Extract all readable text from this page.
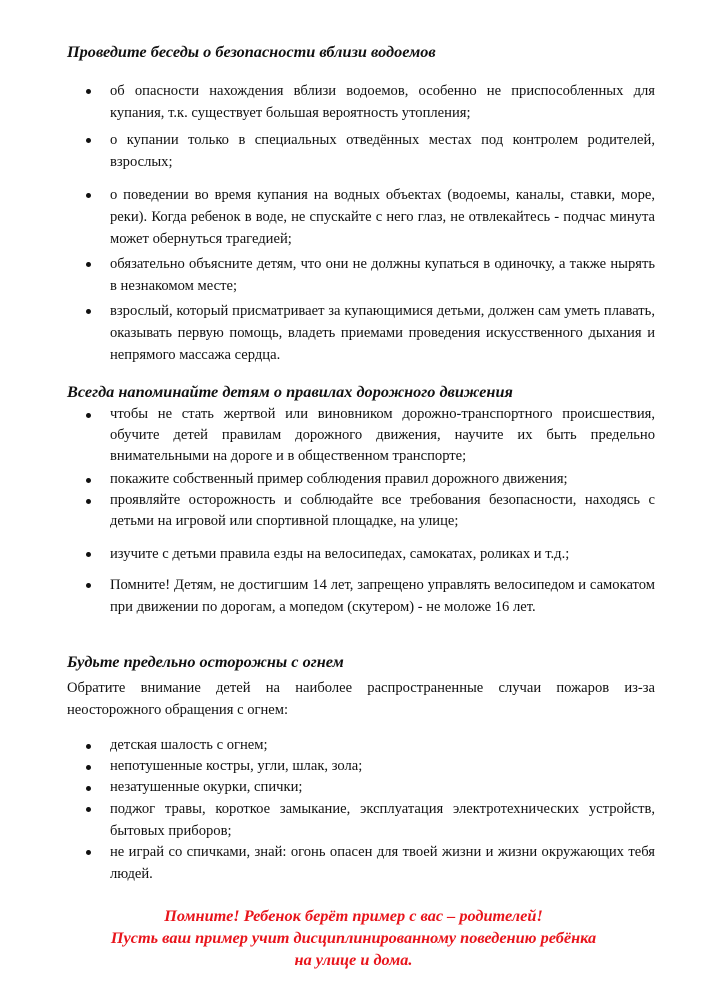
Проведите беседы о безопасности вблизи водоемов

об опасности нахождения вблизи водоемов, особенно не приспособленных для купания, т.к. существует большая вероятность утопления;

о купании только в специальных отведённых местах под контролем родителей, взрослых;

о поведении во время купания на водных объектах (водоемы, каналы, ставки, море, реки). Когда ребенок в воде, не спускайте с него глаз, не отвлекайтесь - подчас минута может обернуться трагедией;

обязательно объясните детям, что они не должны купаться в одиночку, а также нырять в незнакомом месте;

взрослый, который присматривает за купающимися детьми, должен сам уметь плавать, оказывать первую помощь, владеть приемами проведения искусственного дыхания и непрямого массажа сердца.

Всегда напоминайте детям о правилах дорожного движения

чтобы не стать жертвой или виновником дорожно-транспортного происшествия, обучите детей правилам дорожного движения, научите их быть предельно внимательными на дороге и в общественном транспорте;

покажите собственный пример соблюдения правил дорожного движения;

проявляйте осторожность и соблюдайте все требования безопасности, находясь с детьми на игровой или спортивной площадке, на улице;

изучите с детьми правила езды на велосипедах, самокатах, роликах и т.д.;

Помните! Детям, не достигшим 14 лет, запрещено управлять велосипедом и самокатом при движении по дорогам, а мопедом (скутером) - не моложе 16 лет.

Будьте предельно осторожны с огнем

Обратите внимание детей на наиболее распространенные случаи пожаров из-за неосторожного обращения с огнем:

детская шалость с огнем;

непотушенные костры, угли, шлак, зола;

незатушенные окурки, спички;

поджог травы, короткое замыкание, эксплуатация электротехнических устройств, бытовых приборов;

не играй со спичками, знай: огонь опасен для твоей жизни и жизни окружающих тебя людей.

Помните! Ребенок берёт пример с вас – родителей!
Пусть ваш пример учит дисциплинированному поведению ребёнка
на улице и дома.
